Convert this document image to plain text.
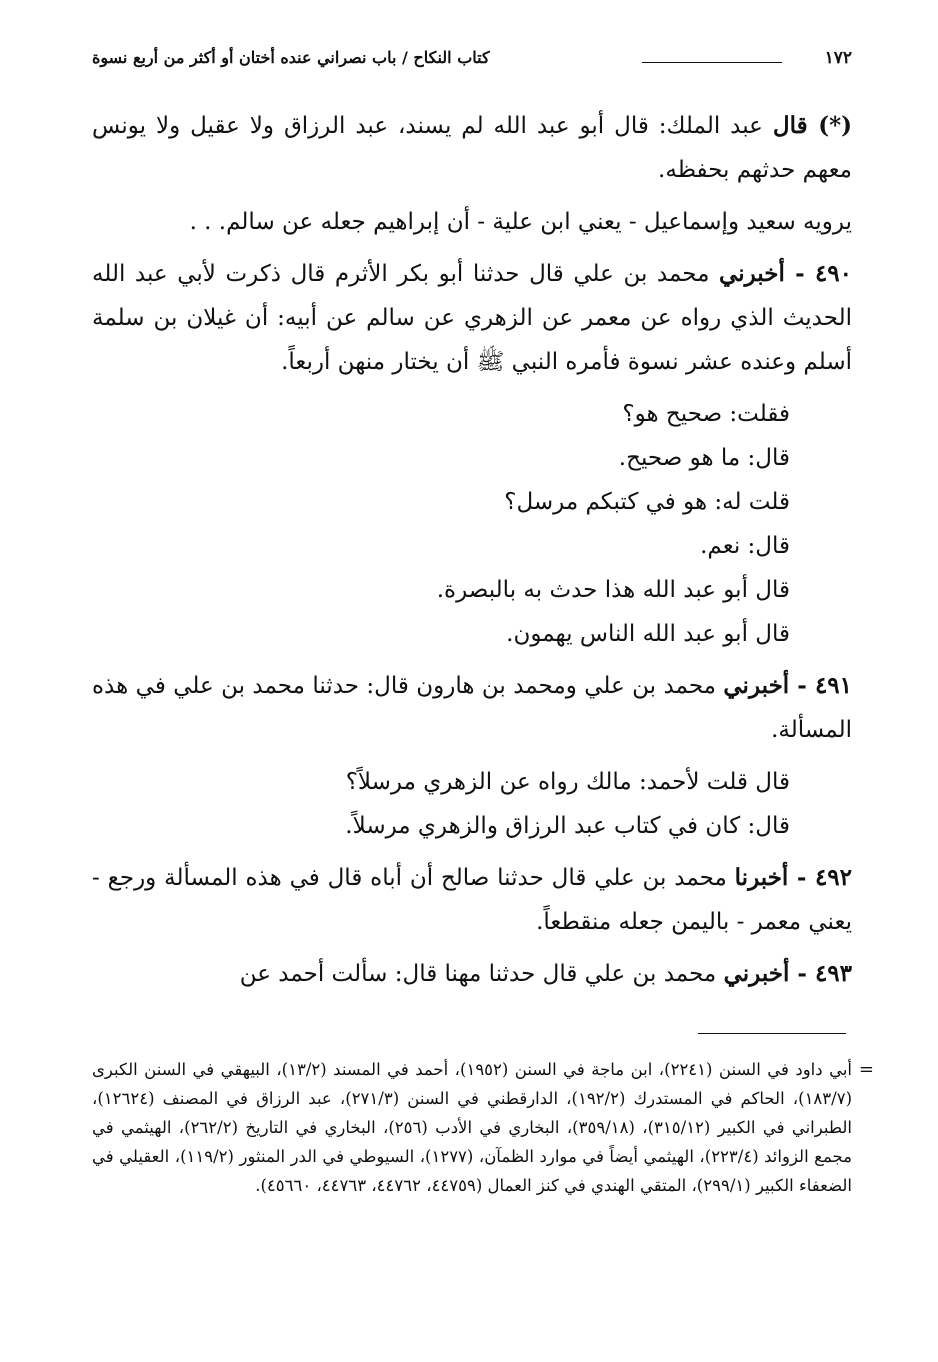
١٧٢
كتاب النكاح / باب نصراني عنده أختان أو أكثر من أربع نسوة

(*) قال عبد الملك: قال أبو عبد الله لم يسند، عبد الرزاق ولا عقيل ولا يونس معهم حدثهم بحفظه.

يرويه سعيد وإسماعيل - يعني ابن علية - أن إبراهيم جعله عن سالم. . .

٤٩٠ - أخبرني محمد بن علي قال حدثنا أبو بكر الأثرم قال ذكرت لأبي عبد الله الحديث الذي رواه عن معمر عن الزهري عن سالم عن أبيه: أن غيلان بن سلمة أسلم وعنده عشر نسوة فأمره النبي ﷺ أن يختار منهن أربعاً.

فقلت: صحيح هو؟
قال: ما هو صحيح.
قلت له: هو في كتبكم مرسل؟
قال: نعم.
قال أبو عبد الله هذا حدث به بالبصرة.
قال أبو عبد الله الناس يهمون.

٤٩١ - أخبرني محمد بن علي ومحمد بن هارون قال: حدثنا محمد بن علي في هذه المسألة.

قال قلت لأحمد: مالك رواه عن الزهري مرسلاً؟
قال: كان في كتاب عبد الرزاق والزهري مرسلاً.

٤٩٢ - أخبرنا محمد بن علي قال حدثنا صالح أن أباه قال في هذه المسألة ورجع - يعني معمر - باليمن جعله منقطعاً.

٤٩٣ - أخبرني محمد بن علي قال حدثنا مهنا قال: سألت أحمد عن

=
أبي داود في السنن (٢٢٤١)، ابن ماجة في السنن (١٩٥٢)، أحمد في المسند (١٣/٢)، البيهقي في السنن الكبرى (١٨٣/٧)، الحاكم في المستدرك (١٩٢/٢)، الدارقطني في السنن (٢٧١/٣)، عبد الرزاق في المصنف (١٢٦٢٤)، الطبراني في الكبير (٣١٥/١٢)، (٣٥٩/١٨)، البخاري في الأدب (٢٥٦)، البخاري في التاريخ (٢٦٢/٢)، الهيثمي في مجمع الزوائد (٢٢٣/٤)، الهيثمي أيضاً في موارد الظمآن، (١٢٧٧)، السيوطي في الدر المنثور (١١٩/٢)، العقيلي في الضعفاء الكبير (٢٩٩/١)، المتقي الهندي في كنز العمال (٤٤٧٥٩، ٤٤٧٦٢، ٤٤٧٦٣، ٤٥٦٦٠).
